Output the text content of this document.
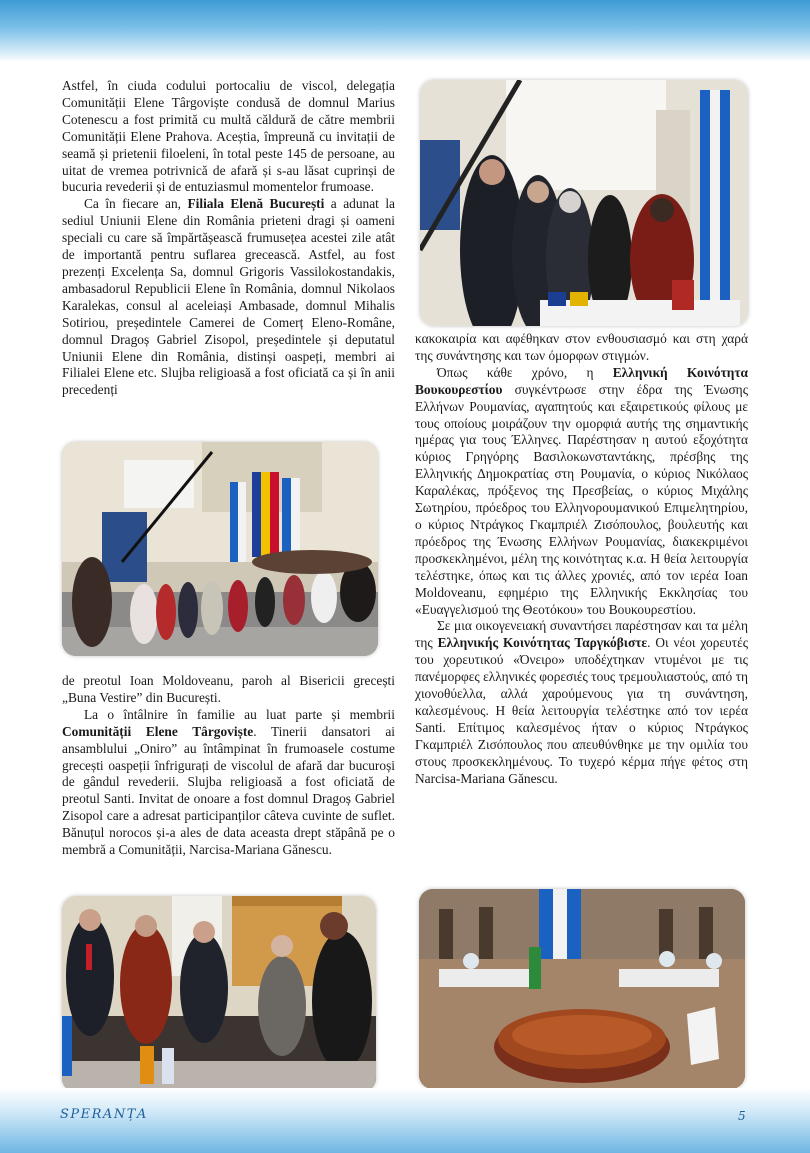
Astfel, în ciuda codului portocaliu de viscol, delegația Comunității Elene Târgoviște condusă de domnul Marius Cotenescu a fost primită cu multă căldură de către membrii Comunității Elene Prahova. Aceștia, împreună cu invitații de seamă și prietenii filoeleni, în total peste 145 de persoane, au uitat de vremea potrivnică de afară și s-au lăsat cuprinși de bucuria revederii și de entuziasmul momentelor frumoase.

Ca în fiecare an, Filiala Elenă București a adunat la sediul Uniunii Elene din România prieteni dragi și oameni speciali cu care să împărtășească frumusețea acestei zile atât de importantă pentru suflarea grecească. Astfel, au fost prezenți Excelența Sa, domnul Grigoris Vassilokostandakis, ambasadorul Republicii Elene în România, domnul Nikolaos Karalekas, consul al aceleiași Ambasade, domnul Mihalis Sotiriou, președintele Camerei de Comerț Eleno-Române, domnul Dragoș Gabriel Zisopol, președintele și deputatul Uniunii Elene din România, distinși oaspeți, membri ai Filialei Elene etc. Slujba religioasă a fost oficiată ca și în anii precedenți

de preotul Ioan Moldoveanu, paroh al Bisericii grecești „Buna Vestire” din București.

La o întâlnire în familie au luat parte și membrii Comunității Elene Târgoviște. Tinerii dansatori ai ansamblului „Oniro” au întâmpinat în frumoasele costume grecești oaspeții înfrigurați de viscolul de afară dar bucuroși de gândul revederii. Slujba religioasă a fost oficiată de preotul Santi. Invitat de onoare a fost domnul Dragoș Gabriel Zisopol care a adresat participanților câteva cuvinte de suflet. Bănuțul norocos și-a ales de data aceasta drept stăpână pe o membră a Comunității, Narcisa-Mariana Gănescu.

κακοκαιρία και αφέθηκαν στον ενθουσιασμό και στη χαρά της συνάντησης και των όμορφων στιγμών.

Όπως κάθε χρόνο, η Ελληνική Κοινότητα Βουκουρεστίου συγκέντρωσε στην έδρα της Ένωσης Ελλήνων Ρουμανίας, αγαπητούς και εξαιρετικούς φίλους με τους οποίους μοιράζουν την ομορφιά αυτής της σημαντικής ημέρας για τους Έλληνες. Παρέστησαν η αυτού εξοχότητα κύριος Γρηγόρης Βασιλοκωνσταντάκης, πρέσβης της Ελληνικής Δημοκρατίας στη Ρουμανία, ο κύριος Νικόλαος Καραλέκας, πρόξενος της Πρεσβείας, ο κύριος Μιχάλης Σωτηρίου, πρόεδρος του Ελληνορουμανικού Επιμελητηρίου, ο κύριος Ντράγκος Γκαμπριέλ Ζισόπουλος, βουλευτής και πρόεδρος της Ένωσης Ελλήνων Ρουμανίας, διακεκριμένοι προσκεκλημένοι, μέλη της κοινότητας κ.α. Η θεία λειτουργία τελέστηκε, όπως και τις άλλες χρονιές, από τον ιερέα Ioan Moldoveanu, εφημέριο της Ελληνικής Εκκλησίας του «Ευαγγελισμού της Θεοτόκου» του Βουκουρεστίου.

Σε μια οικογενειακή συναντήσει παρέστησαν και τα μέλη της Ελληνικής Κοινότητας Ταργκόβιστε. Οι νέοι χορευτές του χορευτικού «Όνειρο» υποδέχτηκαν ντυμένοι με τις πανέμορφες ελληνικές φορεσιές τους τρεμουλιαστούς, από τη χιονοθύελλα, αλλά χαρούμενους για τη συνάντηση, καλεσμένους. Η θεία λειτουργία τελέστηκε από τον ιερέα Santi. Επίτιμος καλεσμένος ήταν ο κύριος Ντράγκος Γκαμπριέλ Ζισόπουλος που απευθύνθηκε με την ομιλία του στους προσκεκλημένους. Το τυχερό κέρμα πήγε φέτος στη Narcisa-Mariana Gănescu.

SPERANȚA	5
